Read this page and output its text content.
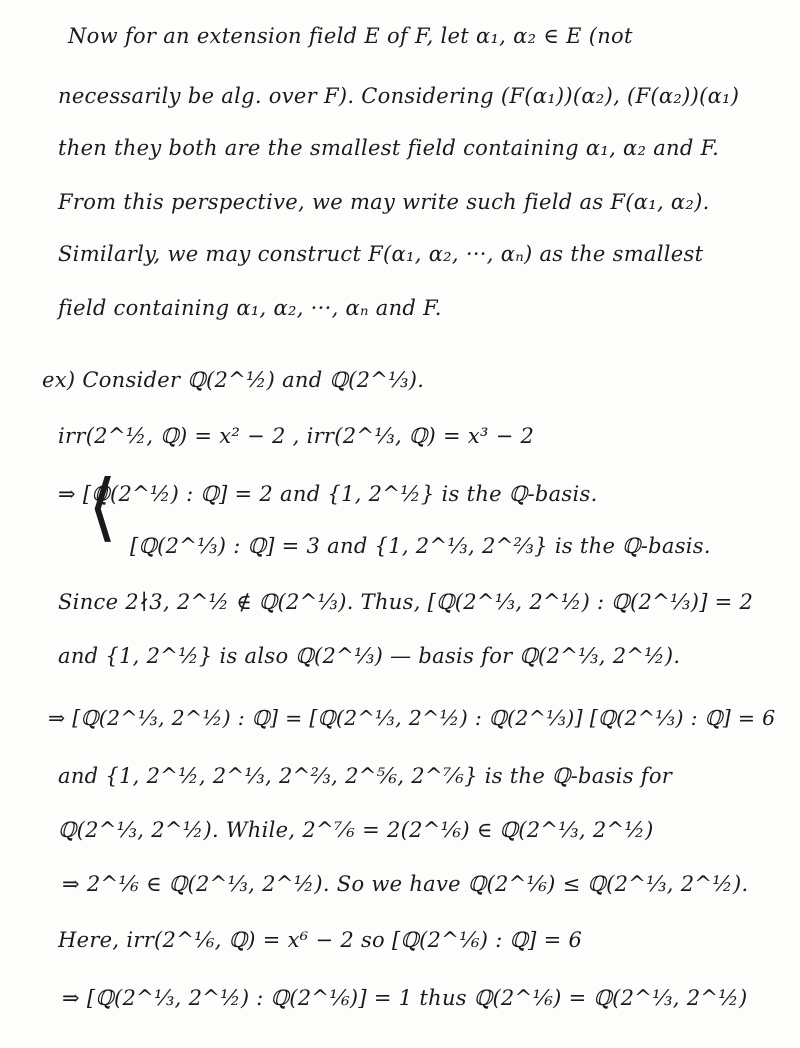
Now for an extension field E of F, let α₁, α₂ ∈ E (not
necessarily be alg. over F). Considering (F(α₁))(α₂), (F(α₂))(α₁)
then they both are the smallest field containing α₁, α₂ and F.
From this perspective, we may write such field as F(α₁, α₂).
Similarly, we may construct F(α₁, α₂, ···, αₙ) as the smallest
field containing α₁, α₂, ···, αₙ and F.
ex) Consider ℚ(2^½) and ℚ(2^⅓).
irr(2^½, ℚ) = x² − 2 , irr(2^⅓, ℚ) = x³ − 2
⇒ [ℚ(2^½) : ℚ] = 2 and {1, 2^½} is the ℚ-basis.
⟨ [ℚ(2^⅓) : ℚ] = 3 and {1, 2^⅓, 2^⅔} is the ℚ-basis.
Since 2∤3, 2^½ ∉ ℚ(2^⅓). Thus, [ℚ(2^⅓, 2^½) : ℚ(2^⅓)] = 2
and {1, 2^½} is also ℚ(2^⅓) — basis for ℚ(2^⅓, 2^½).
⇒ [ℚ(2^⅓, 2^½) : ℚ] = [ℚ(2^⅓, 2^½) : ℚ(2^⅓)] [ℚ(2^⅓) : ℚ] = 6
and {1, 2^½, 2^⅓, 2^⅔, 2^⅚, 2^⁷⁄₆} is the ℚ-basis for
ℚ(2^⅓, 2^½). While, 2^⁷⁄₆ = 2(2^⅙) ∈ ℚ(2^⅓, 2^½)
⇒ 2^⅙ ∈ ℚ(2^⅓, 2^½). So we have ℚ(2^⅙) ≤ ℚ(2^⅓, 2^½).
Here, irr(2^⅙, ℚ) = x⁶ − 2 so [ℚ(2^⅙) : ℚ] = 6
⇒ [ℚ(2^⅓, 2^½) : ℚ(2^⅙)] = 1 thus ℚ(2^⅙) = ℚ(2^⅓, 2^½)
